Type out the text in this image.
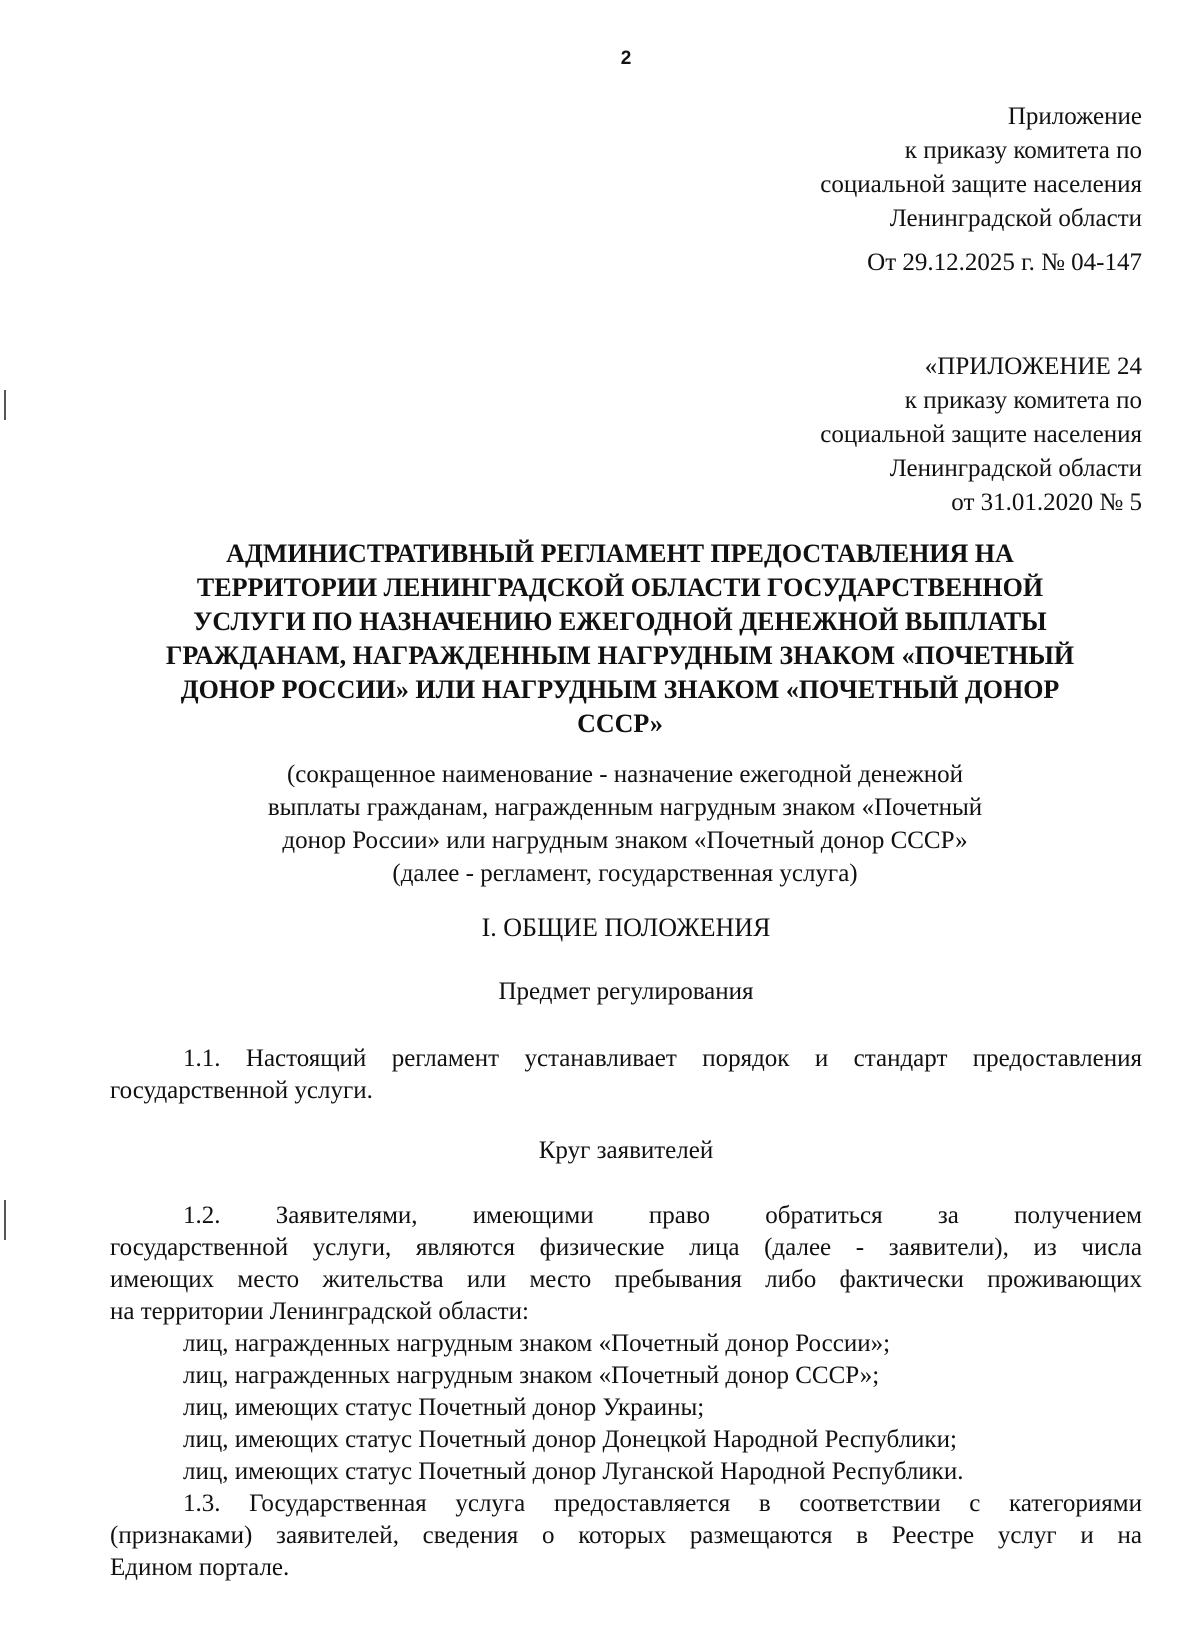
2
Приложение
к приказу комитета по
социальной защите населения
Ленинградской области
От 29.12.2025 г. № 04-147
«ПРИЛОЖЕНИЕ 24
к приказу комитета по
социальной защите населения
Ленинградской области
от 31.01.2020 № 5
АДМИНИСТРАТИВНЫЙ РЕГЛАМЕНТ ПРЕДОСТАВЛЕНИЯ НА
ТЕРРИТОРИИ ЛЕНИНГРАДСКОЙ ОБЛАСТИ ГОСУДАРСТВЕННОЙ
УСЛУГИ ПО НАЗНАЧЕНИЮ ЕЖЕГОДНОЙ ДЕНЕЖНОЙ ВЫПЛАТЫ
ГРАЖДАНАМ, НАГРАЖДЕННЫМ НАГРУДНЫМ ЗНАКОМ «ПОЧЕТНЫЙ
ДОНОР РОССИИ» ИЛИ НАГРУДНЫМ ЗНАКОМ «ПОЧЕТНЫЙ ДОНОР
СССР»
(сокращенное наименование - назначение ежегодной денежной
выплаты гражданам, награжденным нагрудным знаком «Почетный
донор России» или нагрудным знаком «Почетный донор СССР»
(далее - регламент, государственная услуга)
I. ОБЩИЕ ПОЛОЖЕНИЯ
Предмет регулирования
1.1. Настоящий регламент устанавливает порядок и стандарт предоставления
государственной услуги.
Круг заявителей
1.2. Заявителями, имеющими право обратиться за получением
государственной услуги, являются физические лица (далее - заявители), из числа
имеющих место жительства или место пребывания либо фактически проживающих
на территории Ленинградской области:
лиц, награжденных нагрудным знаком «Почетный донор России»;
лиц, награжденных нагрудным знаком «Почетный донор СССР»;
лиц, имеющих статус Почетный донор Украины;
лиц, имеющих статус Почетный донор Донецкой Народной Республики;
лиц, имеющих статус Почетный донор Луганской Народной Республики.
1.3. Государственная услуга предоставляется в соответствии с категориями
(признаками) заявителей, сведения о которых размещаются в Реестре услуг и на
Едином портале.
